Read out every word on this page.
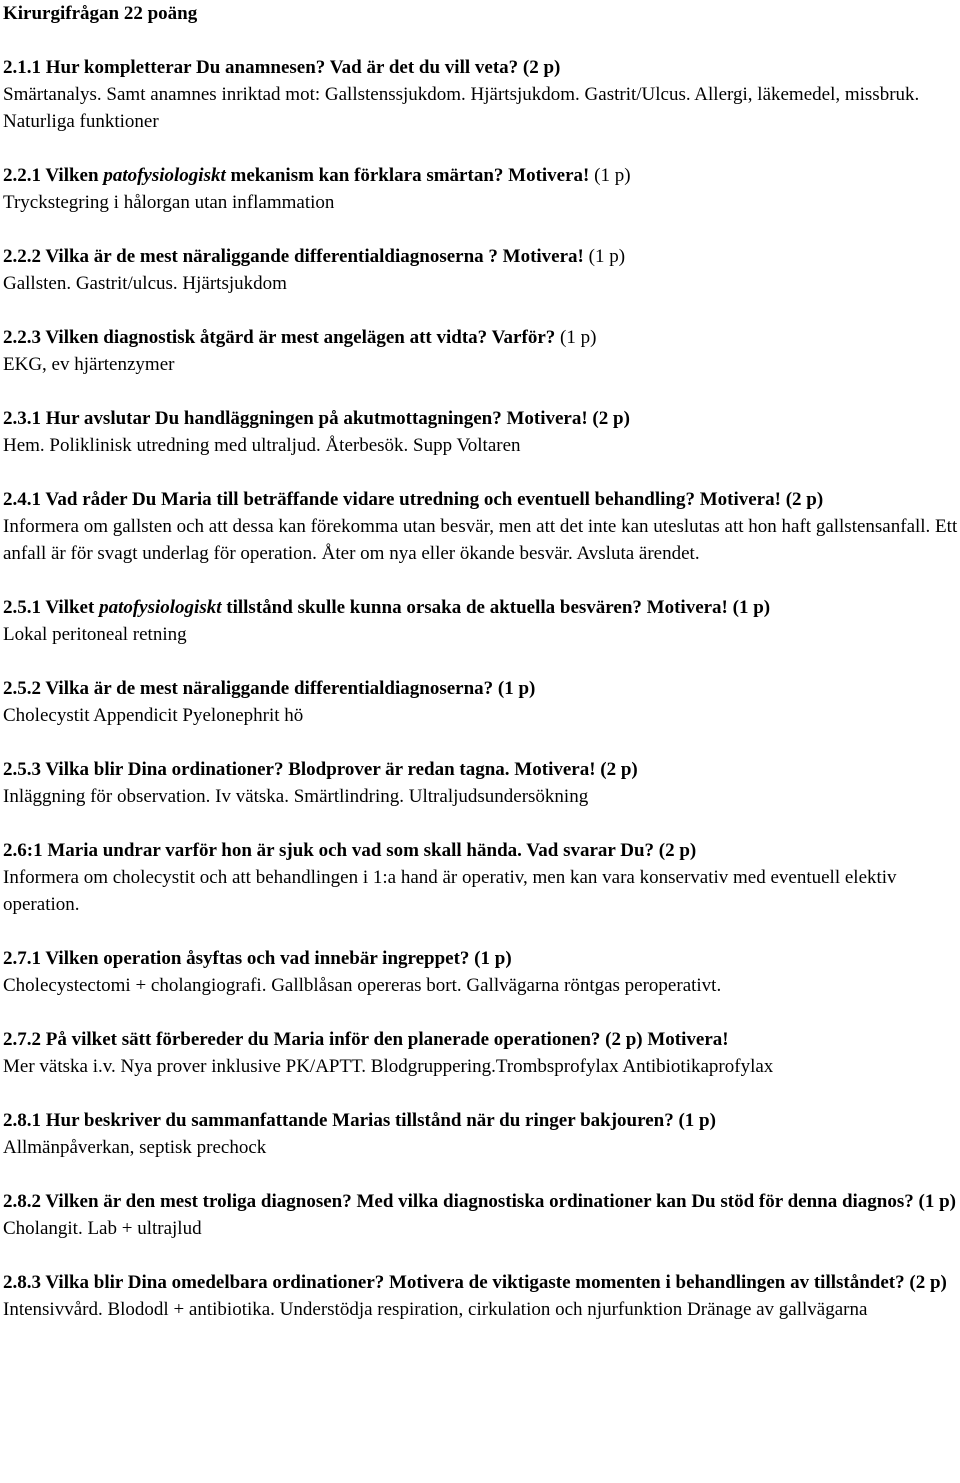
Kirurgifrågan 22 poäng

2.1.1 Hur kompletterar Du anamnesen? Vad är det du vill veta? (2 p)

Smärtanalys. Samt anamnes inriktad mot: Gallstenssjukdom. Hjärtsjukdom. Gastrit/Ulcus. Allergi, läkemedel, missbruk. Naturliga funktioner

2.2.1 Vilken patofysiologiskt mekanism kan förklara smärtan? Motivera! (1 p)

Tryckstegring i hålorgan utan inflammation

2.2.2 Vilka är de mest näraliggande differentialdiagnoserna ? Motivera! (1 p)

Gallsten. Gastrit/ulcus. Hjärtsjukdom

2.2.3 Vilken diagnostisk åtgärd är mest angelägen att vidta? Varför? (1 p)

EKG, ev hjärtenzymer

2.3.1 Hur avslutar Du handläggningen på akutmottagningen? Motivera! (2 p)

Hem. Poliklinisk utredning med ultraljud. Återbesök. Supp Voltaren

2.4.1 Vad råder Du Maria till beträffande vidare utredning och eventuell behandling? Motivera! (2 p)

Informera om gallsten och att dessa kan förekomma utan besvär, men att det inte kan uteslutas att hon haft gallstensanfall. Ett anfall är för svagt underlag för operation. Åter om nya eller ökande besvär. Avsluta ärendet.

2.5.1 Vilket patofysiologiskt tillstånd skulle kunna orsaka de aktuella besvären? Motivera! (1 p)

Lokal peritoneal retning

2.5.2 Vilka är de mest näraliggande differentialdiagnoserna? (1 p)

Cholecystit Appendicit Pyelonephrit hö

2.5.3 Vilka blir Dina ordinationer? Blodprover är redan tagna. Motivera! (2 p)

Inläggning för observation. Iv vätska. Smärtlindring. Ultraljudsundersökning

2.6:1 Maria undrar varför hon är sjuk och vad som skall hända. Vad svarar Du? (2 p)

Informera om cholecystit och att behandlingen i 1:a hand är operativ, men kan vara konservativ med eventuell elektiv operation.

2.7.1 Vilken operation åsyftas och vad innebär ingreppet? (1 p)

Cholecystectomi + cholangiografi. Gallblåsan opereras bort. Gallvägarna röntgas peroperativt.

2.7.2 På vilket sätt förbereder du Maria inför den planerade operationen? (2 p) Motivera!

Mer vätska i.v. Nya prover inklusive PK/APTT. Blodgruppering.Trombsprofylax Antibiotikaprofylax

2.8.1 Hur beskriver du sammanfattande Marias tillstånd när du ringer bakjouren? (1 p)

Allmänpåverkan, septisk prechock

2.8.2 Vilken är den mest troliga diagnosen? Med vilka diagnostiska ordinationer kan Du stöd för denna diagnos? (1 p)

Cholangit. Lab + ultrajlud

2.8.3 Vilka blir Dina omedelbara ordinationer? Motivera de viktigaste momenten i behandlingen av tillståndet? (2 p)

Intensivvård. Blododl + antibiotika. Understödja respiration, cirkulation och njurfunktion Dränage av gallvägarna
